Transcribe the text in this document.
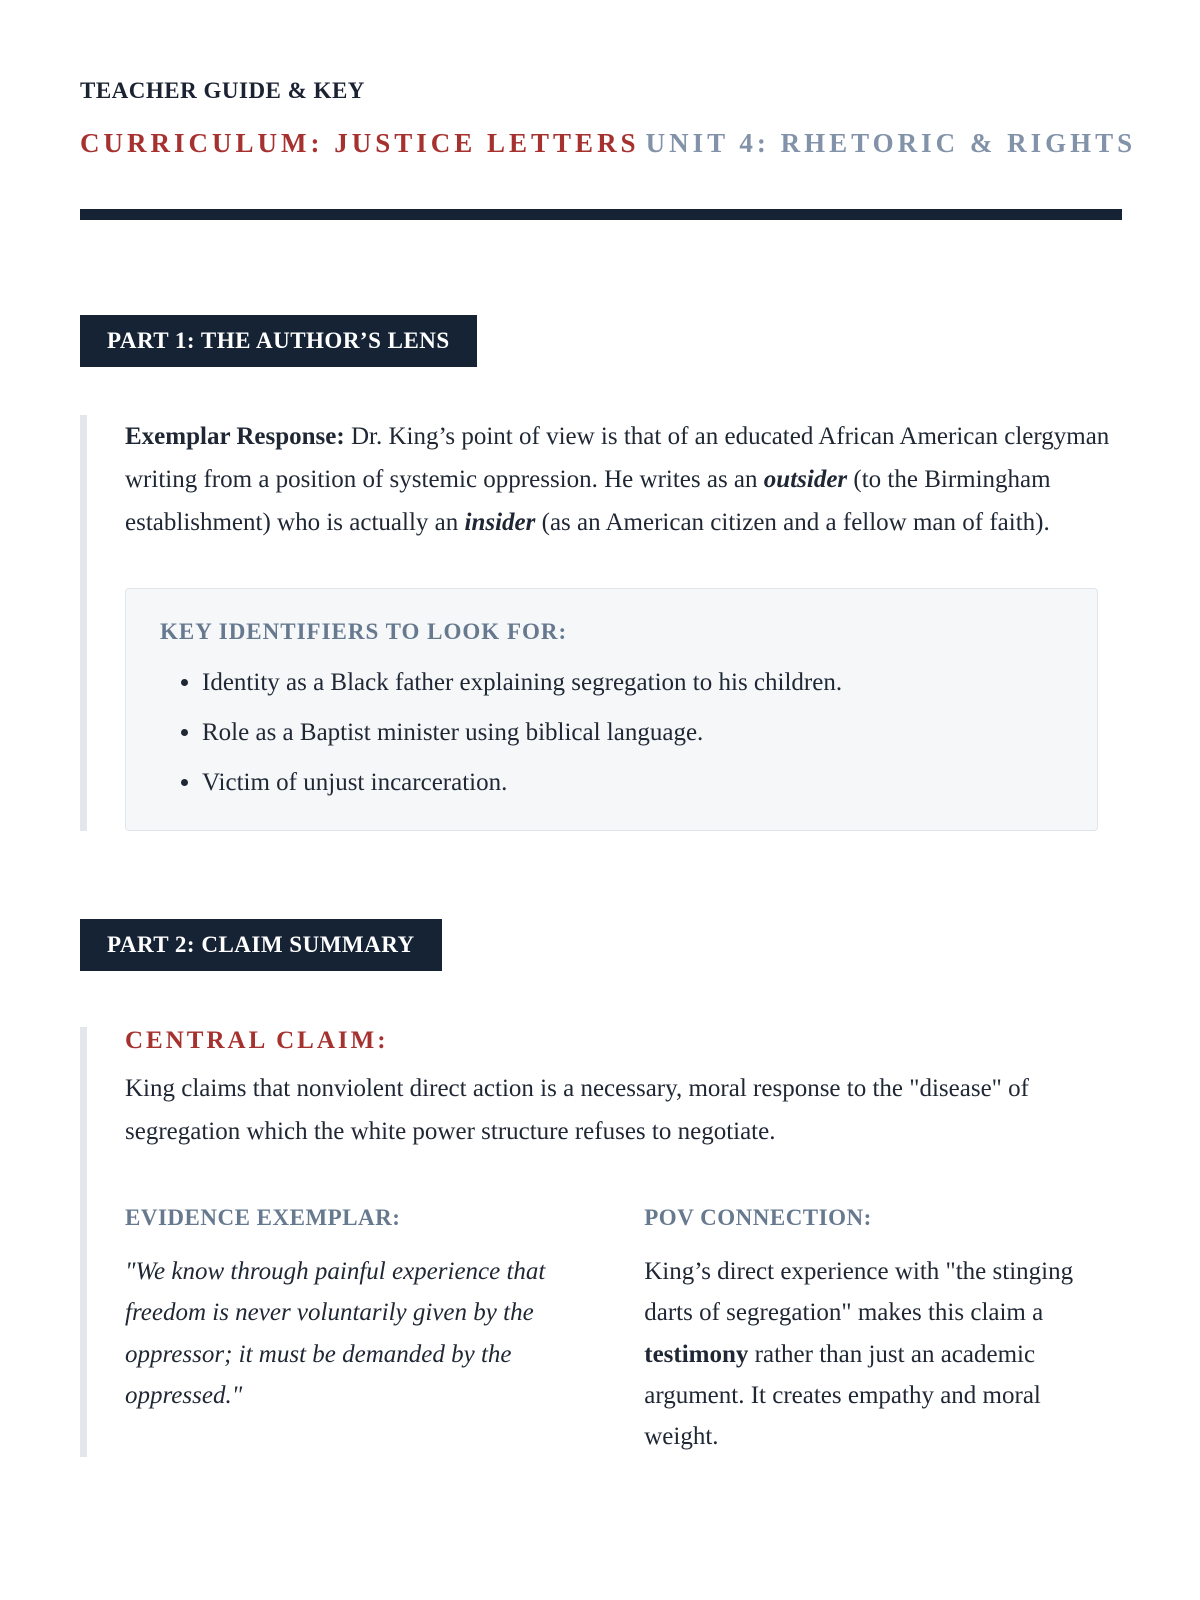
TEACHER GUIDE & KEY
CURRICULUM: JUSTICE LETTERS UNIT 4: RHETORIC & RIGHTS
PART 1: THE AUTHOR’S LENS

Exemplar Response: Dr. King’s point of view is that of an educated African American clergyman writing from a position of systemic oppression. He writes as an outsider (to the Birmingham establishment) who is actually an insider (as an American citizen and a fellow man of faith).

KEY IDENTIFIERS TO LOOK FOR:
• Identity as a Black father explaining segregation to his children.
• Role as a Baptist minister using biblical language.
• Victim of unjust incarceration.
PART 2: CLAIM SUMMARY
CENTRAL CLAIM:

King claims that nonviolent direct action is a necessary, moral response to the "disease" of segregation which the white power structure refuses to negotiate.

EVIDENCE EXEMPLAR:

"We know through painful experience that freedom is never voluntarily given by the oppressor; it must be demanded by the oppressed."

POV CONNECTION:

King’s direct experience with "the stinging darts of segregation" makes this claim a testimony rather than just an academic argument. It creates empathy and moral weight.
